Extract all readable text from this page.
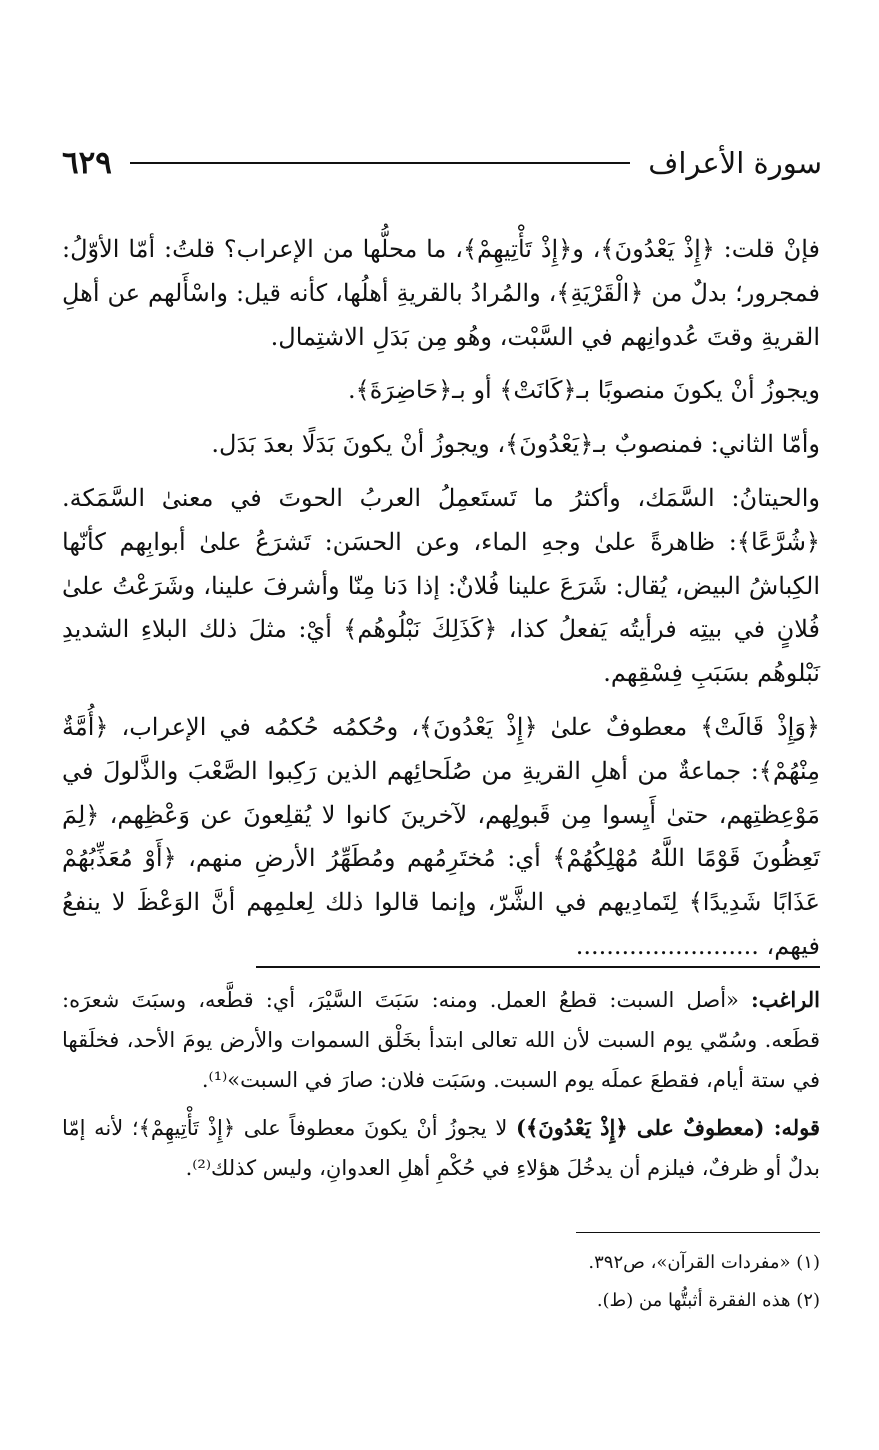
سورة الأعراف
٦٢٩

فإنْ قلت: ﴿إِذْ يَعْدُونَ﴾، و﴿إِذْ تَأْتِيهِمْ﴾، ما محلُّها من الإعراب؟ قلتُ: أمّا الأوّلُ: فمجرور؛ بدلٌ من ﴿الْقَرْيَةِ﴾، والمُرادُ بالقريةِ أهلُها، كأنه قيل: واسْأَلهم عن أهلِ القريةِ وقتَ عُدوانِهم في السَّبْت، وهُو مِن بَدَلِ الاشتِمال.

ويجوزُ أنْ يكونَ منصوبًا بـ﴿كَانَتْ﴾ أو بـ﴿حَاضِرَةَ﴾.

وأمّا الثاني: فمنصوبٌ بـ﴿يَعْدُونَ﴾، ويجوزُ أنْ يكونَ بَدَلًا بعدَ بَدَل.

والحيتانُ: السَّمَك، وأكثرُ ما تَستَعمِلُ العربُ الحوتَ في معنىٰ السَّمَكة. ﴿شُرَّعًا﴾: ظاهرةً علىٰ وجهِ الماء، وعن الحسَن: تَشرَعُ علىٰ أبوابِهم كأنّها الكِباشُ البيض، يُقال: شَرَعَ علينا فُلانٌ: إذا دَنا مِنّا وأشرفَ علينا، وشَرَعْتُ علىٰ فُلانٍ في بيتِه فرأيتُه يَفعلُ كذا، ﴿كَذَلِكَ نَبْلُوهُم﴾ أيْ: مثلَ ذلك البلاءِ الشديدِ نَبْلوهُم بسَبَبِ فِسْقِهم.

﴿وَإِذْ قَالَتْ﴾ معطوفٌ علىٰ ﴿إِذْ يَعْدُونَ﴾، وحُكمُه حُكمُه في الإعراب، ﴿أُمَّةٌ مِنْهُمْ﴾: جماعةٌ من أهلِ القريةِ من صُلَحائِهم الذين رَكِبوا الصَّعْبَ والذَّلولَ في مَوْعِظتِهم، حتىٰ أَيِسوا مِن قَبولِهم، لآخرينَ كانوا لا يُقلِعونَ عن وَعْظِهم، ﴿لِمَ تَعِظُونَ قَوْمًا اللَّهُ مُهْلِكُهُمْ﴾ أي: مُختَرِمُهم ومُطَهِّرُ الأرضِ منهم، ﴿أَوْ مُعَذِّبُهُمْ عَذَابًا شَدِيدًا﴾ لِتَمادِيهم في الشَّرّ، وإنما قالوا ذلك لِعلمِهم أنَّ الوَعْظَ لا ينفعُ فيهم، ........................

الراغب: «أصل السبت: قطعُ العمل. ومنه: سَبَتَ السَّيْرَ، أي: قطَّعه، وسبَتَ شعرَه: قطَعه. وسُمّي يوم السبت لأن الله تعالى ابتدأ بخَلْق السموات والأرض يومَ الأحد، فخلَقها في ستة أيام، فقطعَ عملَه يوم السبت. وسَبَت فلان: صارَ في السبت»⁽¹⁾.

قوله: (معطوفٌ على ﴿إِذْ يَعْدُونَ﴾) لا يجوزُ أنْ يكونَ معطوفاً على ﴿إِذْ تَأْتِيهِمْ﴾؛ لأنه إمّا بدلٌ أو ظرفٌ، فيلزم أن يدخُلَ هؤلاءِ في حُكْمِ أهلِ العدوانِ، وليس كذلك⁽²⁾.

(١) «مفردات القرآن»، ص٣٩٢.

(٢) هذه الفقرة أثبتُّها من (ط).
